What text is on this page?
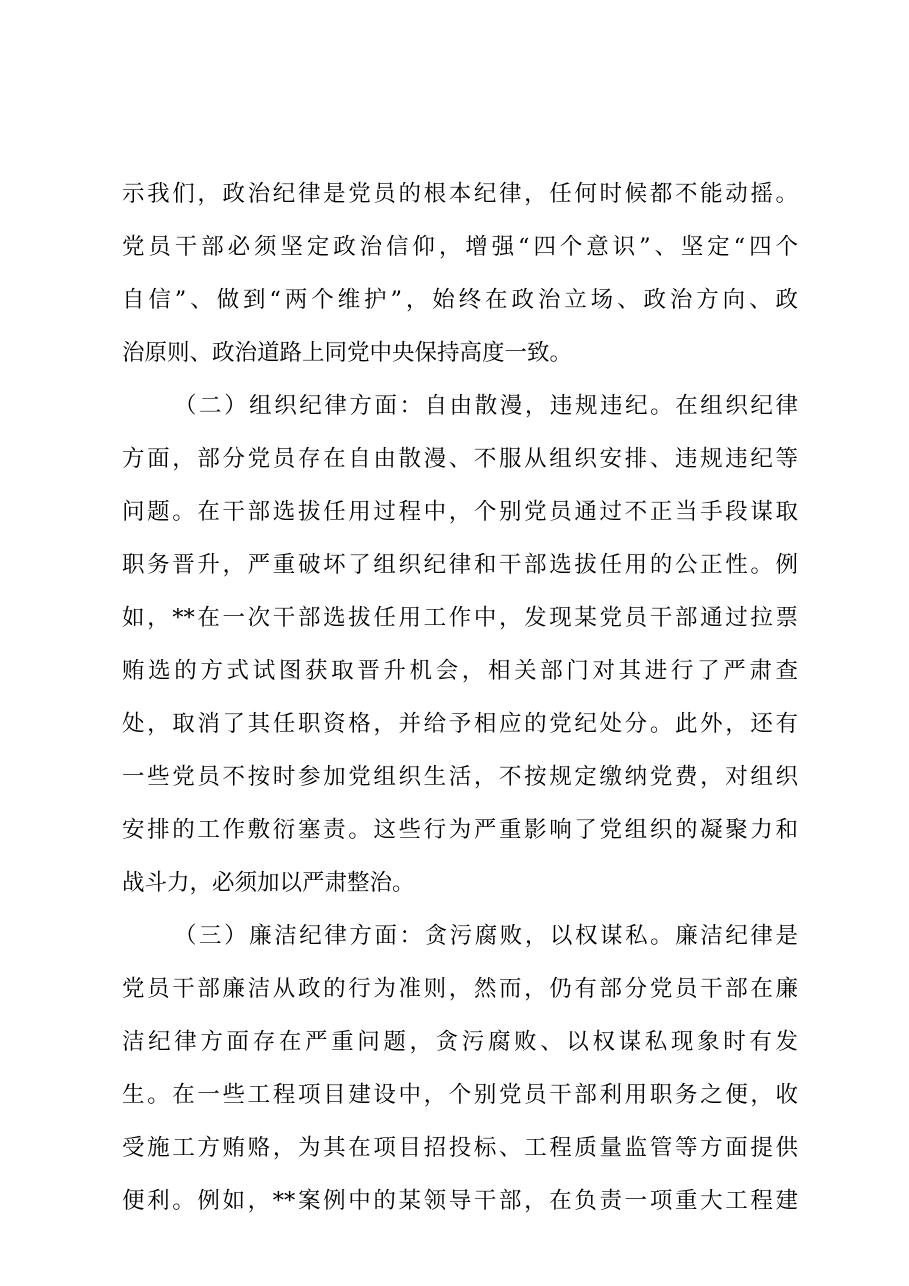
示我们，政治纪律是党员的根本纪律，任何时候都不能动摇。
党员干部必须坚定政治信仰，增强“四个意识”、坚定“四个
自信”、做到“两个维护”，始终在政治立场、政治方向、政
治原则、政治道路上同党中央保持高度一致。
（二）组织纪律方面：自由散漫，违规违纪。在组织纪律
方面，部分党员存在自由散漫、不服从组织安排、违规违纪等
问题。在干部选拔任用过程中，个别党员通过不正当手段谋取
职务晋升，严重破坏了组织纪律和干部选拔任用的公正性。例
如，**在一次干部选拔任用工作中，发现某党员干部通过拉票
贿选的方式试图获取晋升机会，相关部门对其进行了严肃查
处，取消了其任职资格，并给予相应的党纪处分。此外，还有
一些党员不按时参加党组织生活，不按规定缴纳党费，对组织
安排的工作敷衍塞责。这些行为严重影响了党组织的凝聚力和
战斗力，必须加以严肃整治。
（三）廉洁纪律方面：贪污腐败，以权谋私。廉洁纪律是
党员干部廉洁从政的行为准则，然而，仍有部分党员干部在廉
洁纪律方面存在严重问题，贪污腐败、以权谋私现象时有发
生。在一些工程项目建设中，个别党员干部利用职务之便，收
受施工方贿赂，为其在项目招投标、工程质量监管等方面提供
便利。例如，**案例中的某领导干部，在负责一项重大工程建
